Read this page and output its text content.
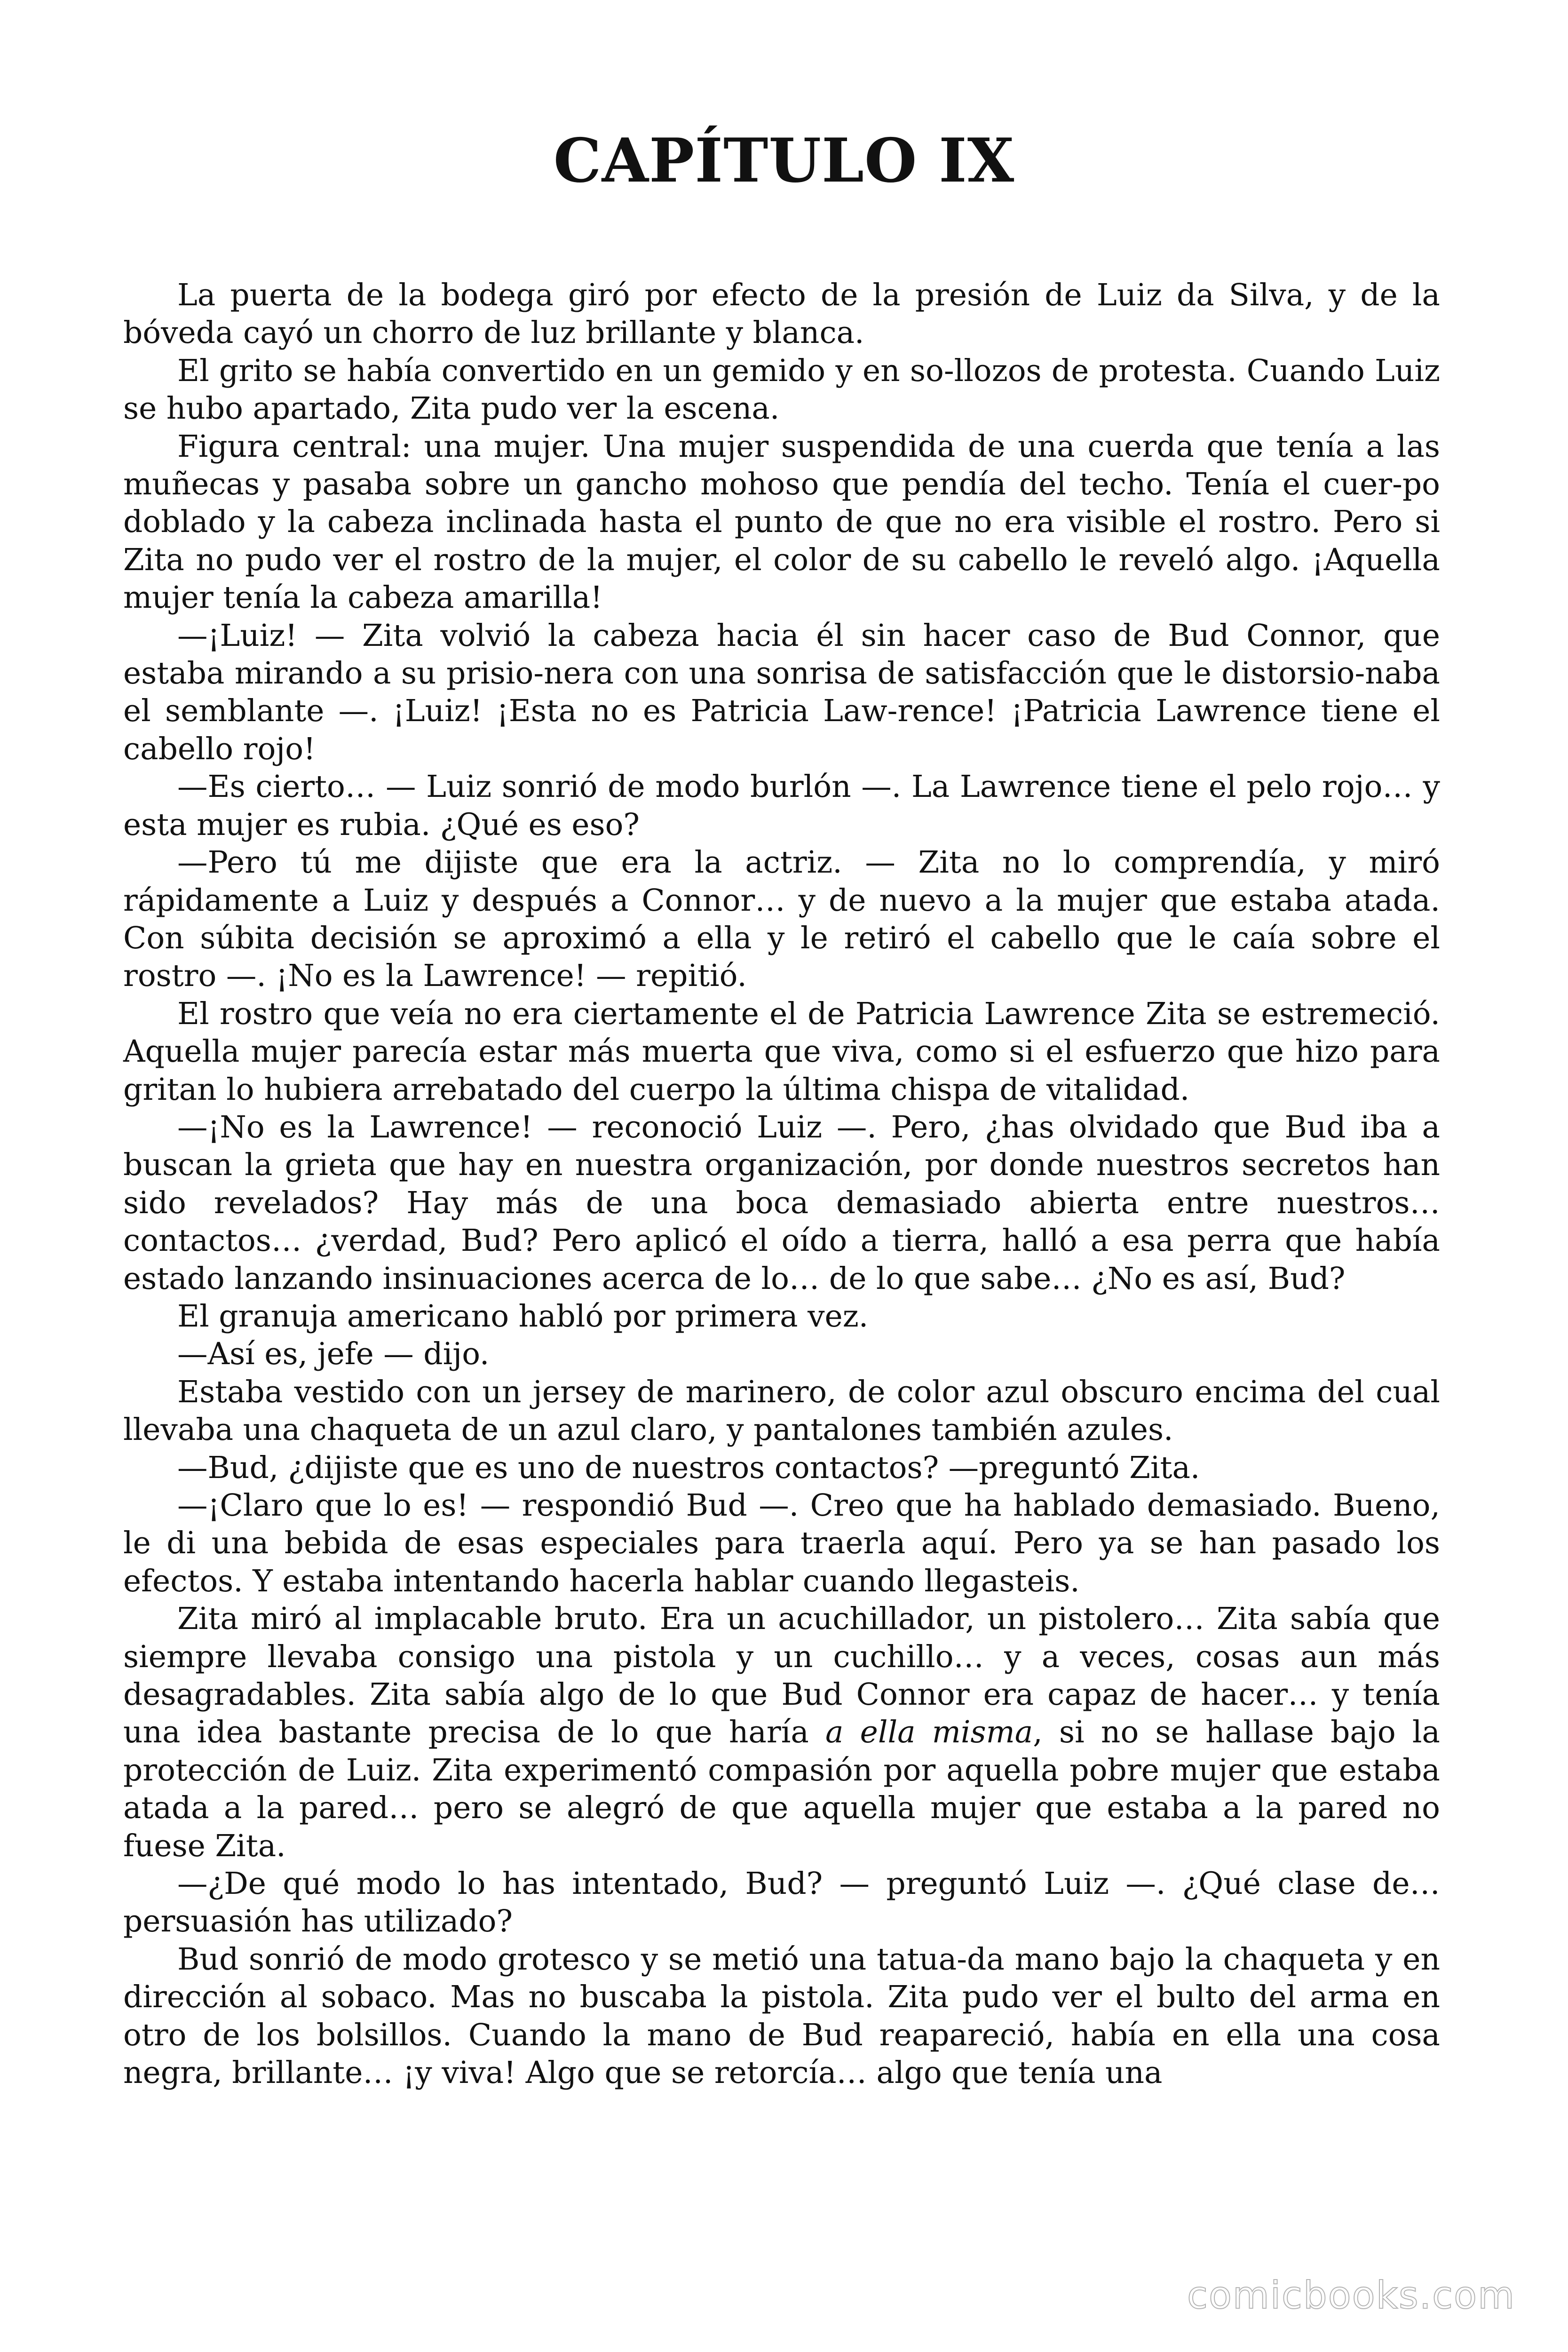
CAPÍTULO IX

La puerta de la bodega giró por efecto de la presión de Luiz da Silva, y de la bóveda cayó un chorro de luz brillante y blanca.

El grito se había convertido en un gemido y en so-llozos de protesta. Cuando Luiz se hubo apartado, Zita pudo ver la escena.

Figura central: una mujer. Una mujer suspendida de una cuerda que tenía a las muñecas y pasaba sobre un gancho mohoso que pendía del techo. Tenía el cuer-po doblado y la cabeza inclinada hasta el punto de que no era visible el rostro. Pero si Zita no pudo ver el rostro de la mujer, el color de su cabello le reveló algo. ¡Aquella mujer tenía la cabeza amarilla!

—¡Luiz! — Zita volvió la cabeza hacia él sin hacer caso de Bud Connor, que estaba mirando a su prisio-nera con una sonrisa de satisfacción que le distorsio-naba el semblante —. ¡Luiz! ¡Esta no es Patricia Law-rence! ¡Patricia Lawrence tiene el cabello rojo!

—Es cierto… — Luiz sonrió de modo burlón —. La Lawrence tiene el pelo rojo… y esta mujer es rubia. ¿Qué es eso?

—Pero tú me dijiste que era la actriz. — Zita no lo comprendía, y miró rápidamente a Luiz y después a Connor… y de nuevo a la mujer que estaba atada. Con súbita decisión se aproximó a ella y le retiró el cabello que le caía sobre el rostro —. ¡No es la Lawrence! — repitió.

El rostro que veía no era ciertamente el de Patricia Lawrence Zita se estremeció. Aquella mujer parecía estar más muerta que viva, como si el esfuerzo que hizo para gritan lo hubiera arrebatado del cuerpo la última chispa de vitalidad.

—¡No es la Lawrence! — reconoció Luiz —. Pero, ¿has olvidado que Bud iba a buscan la grieta que hay en nuestra organización, por donde nuestros secretos han sido revelados? Hay más de una boca demasiado abierta entre nuestros… contactos… ¿verdad, Bud? Pero aplicó el oído a tierra, halló a esa perra que había estado lanzando insinuaciones acerca de lo… de lo que sabe… ¿No es así, Bud?

El granuja americano habló por primera vez.

—Así es, jefe — dijo.

Estaba vestido con un jersey de marinero, de color azul obscuro encima del cual llevaba una chaqueta de un azul claro, y pantalones también azules.

—Bud, ¿dijiste que es uno de nuestros contactos? —preguntó Zita.

—¡Claro que lo es! — respondió Bud —. Creo que ha hablado demasiado. Bueno, le di una bebida de esas especiales para traerla aquí. Pero ya se han pasado los efectos. Y estaba intentando hacerla hablar cuando llegasteis.

Zita miró al implacable bruto. Era un acuchillador, un pistolero… Zita sabía que siempre llevaba consigo una pistola y un cuchillo… y a veces, cosas aun más desagradables. Zita sabía algo de lo que Bud Connor era capaz de hacer… y tenía una idea bastante precisa de lo que haría a ella misma, si no se hallase bajo la protección de Luiz. Zita experimentó compasión por aquella pobre mujer que estaba atada a la pared… pero se alegró de que aquella mujer que estaba a la pared no fuese Zita.

—¿De qué modo lo has intentado, Bud? — preguntó Luiz —. ¿Qué clase de… persuasión has utilizado?

Bud sonrió de modo grotesco y se metió una tatua-da mano bajo la chaqueta y en dirección al sobaco. Mas no buscaba la pistola. Zita pudo ver el bulto del arma en otro de los bolsillos. Cuando la mano de Bud reapareció, había en ella una cosa negra, brillante… ¡y viva! Algo que se retorcía… algo que tenía una

comicbooks.com
